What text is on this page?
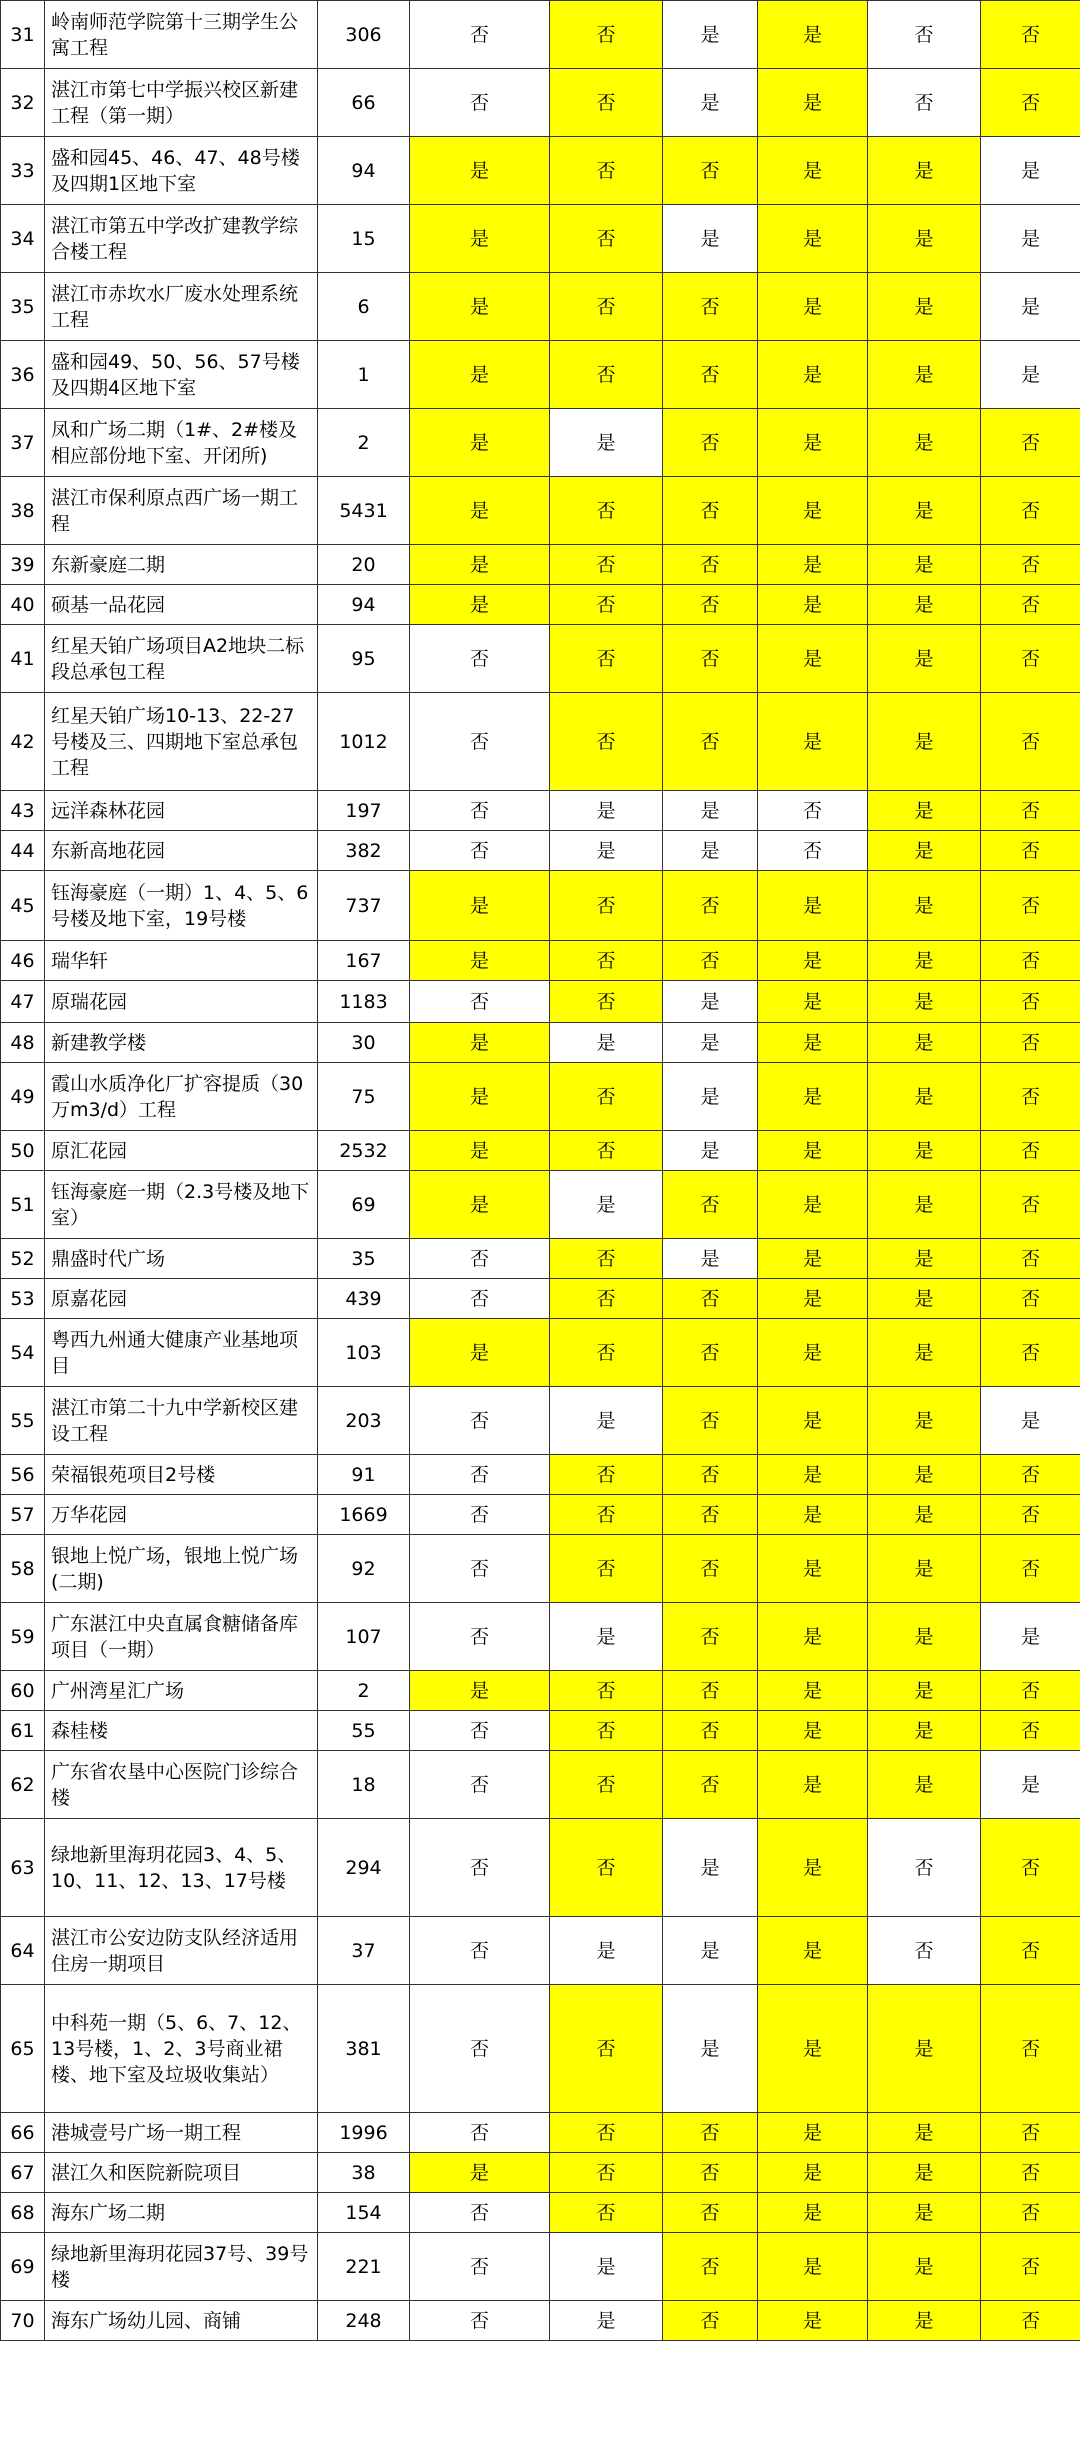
31	岭南师范学院第十三期学生公寓工程	306	否	否	是	是	否	否
32	湛江市第七中学振兴校区新建工程（第一期）	66	否	否	是	是	否	否
33	盛和园45、46、47、48号楼及四期1区地下室	94	是	否	否	是	是	是
34	湛江市第五中学改扩建教学综合楼工程	15	是	否	是	是	是	是
35	湛江市赤坎水厂废水处理系统工程	6	是	否	否	是	是	是
36	盛和园49、50、56、57号楼及四期4区地下室	1	是	否	否	是	是	是
37	凤和广场二期（1#、2#楼及相应部份地下室、开闭所)	2	是	是	否	是	是	否
38	湛江市保利原点西广场一期工程	5431	是	否	否	是	是	否
39	东新豪庭二期	20	是	否	否	是	是	否
40	硕基一品花园	94	是	否	否	是	是	否
41	红星天铂广场项目A2地块二标段总承包工程	95	否	否	否	是	是	否
42	红星天铂广场10-13、22-27号楼及三、四期地下室总承包工程	1012	否	否	否	是	是	否
43	远洋森林花园	197	否	是	是	否	是	否
44	东新高地花园	382	否	是	是	否	是	否
45	钰海豪庭（一期）1、4、5、6号楼及地下室，19号楼	737	是	否	否	是	是	否
46	瑞华轩	167	是	否	否	是	是	否
47	原瑞花园	1183	否	否	是	是	是	否
48	新建教学楼	30	是	是	是	是	是	否
49	霞山水质净化厂扩容提质（30万m3/d）工程	75	是	否	是	是	是	否
50	原汇花园	2532	是	否	是	是	是	否
51	钰海豪庭一期（2.3号楼及地下室）	69	是	是	否	是	是	否
52	鼎盛时代广场	35	否	否	是	是	是	否
53	原嘉花园	439	否	否	否	是	是	否
54	粤西九州通大健康产业基地项目	103	是	否	否	是	是	否
55	湛江市第二十九中学新校区建设工程	203	否	是	否	是	是	是
56	荣福银苑项目2号楼	91	否	否	否	是	是	否
57	万华花园	1669	否	否	否	是	是	否
58	银地上悦广场，银地上悦广场(二期)	92	否	否	否	是	是	否
59	广东湛江中央直属食糖储备库项目（一期）	107	否	是	否	是	是	是
60	广州湾星汇广场	2	是	否	否	是	是	否
61	森桂楼	55	否	否	否	是	是	否
62	广东省农垦中心医院门诊综合楼	18	否	否	否	是	是	是
63	绿地新里海玥花园3、4、5、10、11、12、13、17号楼	294	否	否	是	是	否	否
64	湛江市公安边防支队经济适用住房一期项目	37	否	是	是	是	否	否
65	中科苑一期（5、6、7、12、13号楼，1、2、3号商业裙楼、地下室及垃圾收集站）	381	否	否	是	是	是	否
66	港城壹号广场一期工程	1996	否	否	否	是	是	否
67	湛江久和医院新院项目	38	是	否	否	是	是	否
68	海东广场二期	154	否	否	否	是	是	否
69	绿地新里海玥花园37号、39号楼	221	否	是	否	是	是	否
70	海东广场幼儿园、商铺	248	否	是	否	是	是	否
